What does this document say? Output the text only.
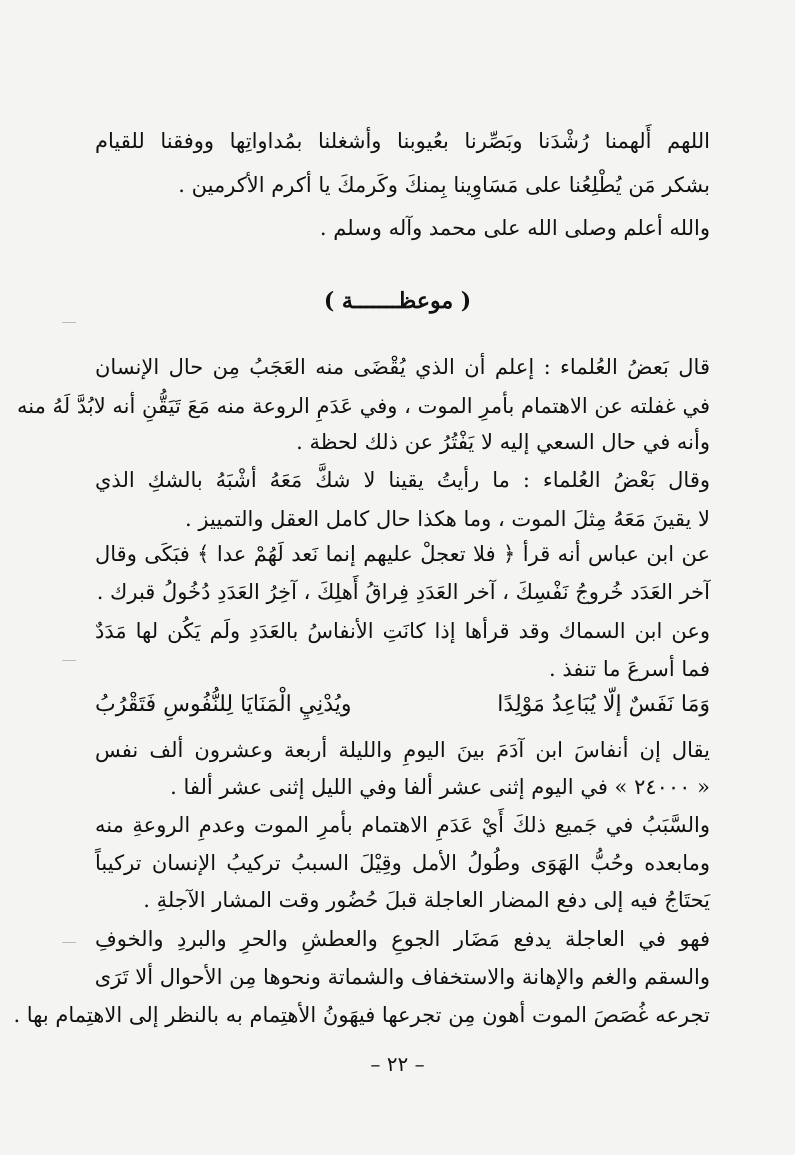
اللهم أَلهمنا رُشْدَنا وبَصِّرنا بعُيوبنا وأشغلنا بمُداواتِها ووفقنا للقيام
بشكر مَن يُطْلِعُنا على مَسَاوِينا بِمنكَ وكَرمكَ يا أكرم الأكرمين .
والله أعلم وصلى الله على محمد وآله وسلم .
( موعظـــــــة )
قال بَعضُ العُلماء : إعلم أن الذي يُقْضَى منه العَجَبُ مِن حال الإنسان
في غفلته عن الاهتمام بأمرِ الموت ، وفي عَدَمِ الروعة منه مَعَ تَيَقُّنِ أنه لابُدَّ لَهُ منه
وأنه في حال السعي إليه لا يَفْتُرُ عن ذلك لحظة .
وقال بَعْضُ العُلماء : ما رأيتُ يقينا لا شكَّ مَعَهُ أشْبَهُ بالشكِ الذي
لا يقينَ مَعَهُ مِثلَ الموت ، وما هكذا حال كامل العقل والتمييز .
عن ابن عباس أنه قرأ ﴿ فلا تعجلْ عليهم إنما نَعد لَهُمْ عدا ﴾ فبَكَى وقال
آخر العَدَد خُروجُ نَفْسِكَ ، آخر العَدَدِ فِراقُ أَهلِكَ ، آخِرُ العَدَدِ دُخُولُ قبرك .
وعن ابن السماك وقد قرأها إذا كانَتِ الأنفاسُ بالعَدَدِ ولَم يَكُن لها مَدَدٌ
فما أسرعَ ما تنفذ .
وَمَا نَفَسٌ إلّا يُبَاعِدُ مَوْلِدًا
ويُدْنِيِ الْمَنَايَا لِلنُّفُوسِ فَتَقْرُبُ
يقال إن أنفاسَ ابن آدَمَ بينَ اليومِ والليلة أربعة وعشرون ألف نفس
« ٢٤٠٠٠ » في اليوم إثنى عشر ألفا وفي الليل إثنى عشر ألفا .
والسَّبَبُ في جَميع ذلكَ أَيْ عَدَمِ الاهتمام بأمرِ الموت وعدمِ الروعةِ منه
ومابعده وحُبُّ الهَوَى وطُولُ الأمل وقِيْلَ السببُ تركيبُ الإنسان تركيباً
يَحتَاجُ فيه إلى دفع المضار العاجلة قبلَ حُضُور وقت المشار الآجلةِ .
فهو في العاجلة يدفع مَضَار الجوعِ والعطشِ والحرِ والبردِ والخوفِ
والسقم والغم والإهانة والاستخفاف والشماتة ونحوها مِن الأحوال ألا تَرَى
تجرعه غُصَصَ الموت أهون مِن تجرعها فيهَونُ الأهتِمام به بالنظر إلى الاهتِمام بها .
– ٢٢ –
